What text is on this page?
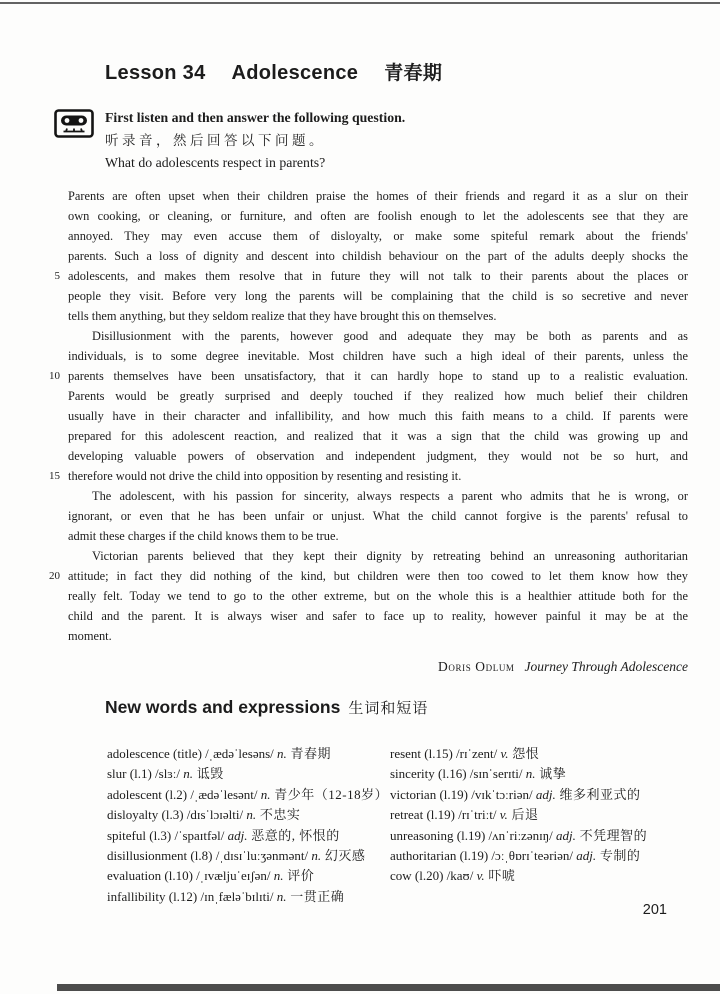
Lesson 34 Adolescence 青春期
First listen and then answer the following question.
听录音，然后回答以下问题。
What do adolescents respect in parents?
Parents are often upset when their children praise the homes of their friends and regard it as a slur on their
own cooking, or cleaning, or furniture, and often are foolish enough to let the adolescents see that they are
annoyed. They may even accuse them of disloyalty, or make some spiteful remark about the friends'
parents. Such a loss of dignity and descent into childish behaviour on the part of the adults deeply shocks the
5 adolescents, and makes them resolve that in future they will not talk to their parents about the places or
people they visit. Before very long the parents will be complaining that the child is so secretive and never
tells them anything, but they seldom realize that they have brought this on themselves.
Disillusionment with the parents, however good and adequate they may be both as parents and as
individuals, is to some degree inevitable. Most children have such a high ideal of their parents, unless the
10 parents themselves have been unsatisfactory, that it can hardly hope to stand up to a realistic evaluation.
Parents would be greatly surprised and deeply touched if they realized how much belief their children
usually have in their character and infallibility, and how much this faith means to a child. If parents were
prepared for this adolescent reaction, and realized that it was a sign that the child was growing up and
developing valuable powers of observation and independent judgment, they would not be so hurt, and
15 therefore would not drive the child into opposition by resenting and resisting it.
The adolescent, with his passion for sincerity, always respects a parent who admits that he is wrong, or
ignorant, or even that he has been unfair or unjust. What the child cannot forgive is the parents' refusal to
admit these charges if the child knows them to be true.
Victorian parents believed that they kept their dignity by retreating behind an unreasoning authoritarian
20 attitude; in fact they did nothing of the kind, but children were then too cowed to let them know how they
really felt. Today we tend to go to the other extreme, but on the whole this is a healthier attitude both for the
child and the parent. It is always wiser and safer to face up to reality, however painful it may be at the
moment.
Doris Odlum Journey Through Adolescence
New words and expressions 生词和短语
adolescence (title) /ˌædəˈlesəns/ n. 青春期
slur (l.1) /slɜː/ n. 诋毁
adolescent (l.2) /ˌædəˈlesənt/ n. 青少年（12-18岁）
disloyalty (l.3) /dɪsˈlɔɪəlti/ n. 不忠实
spiteful (l.3) /ˈspaɪtfəl/ adj. 恶意的, 怀恨的
disillusionment (l.8) /ˌdɪsɪˈluːʒənmənt/ n. 幻灭感
evaluation (l.10) /ˌɪvæljuˈeɪʃən/ n. 评价
infallibility (l.12) /ɪnˌfæləˈbɪlɪti/ n. 一贯正确
resent (l.15) /rɪˈzent/ v. 怨恨
sincerity (l.16) /sɪnˈserɪti/ n. 诚挚
victorian (l.19) /vɪkˈtɔːriən/ adj. 维多利亚式的
retreat (l.19) /rɪˈtriːt/ v. 后退
unreasoning (l.19) /ʌnˈriːzənɪŋ/ adj. 不凭理智的
authoritarian (l.19) /ɔːˌθɒrɪˈteəriən/ adj. 专制的
cow (l.20) /kaʊ/ v. 吓唬
201
